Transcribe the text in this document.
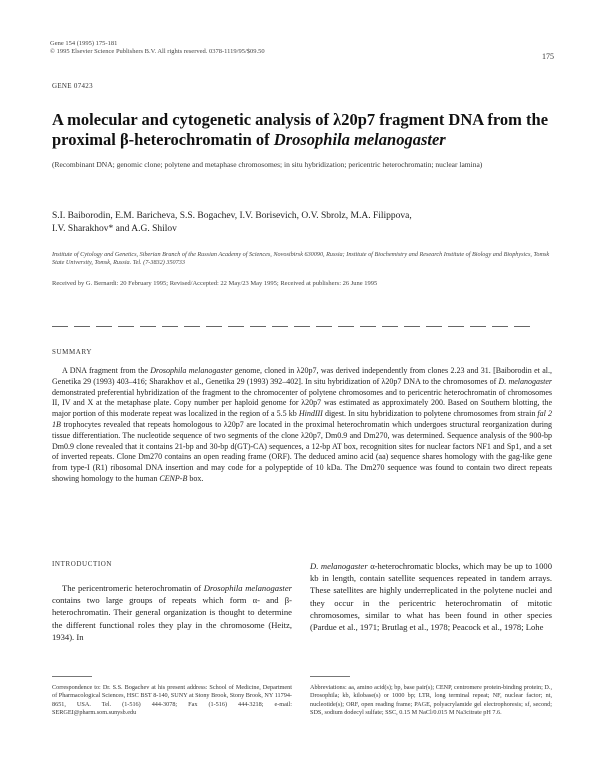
Gene 154 (1995) 175-181
© 1995 Elsevier Science Publishers B.V. All rights reserved. 0378-1119/95/$09.50
175
GENE 07423
A molecular and cytogenetic analysis of λ20p7 fragment DNA from the proximal β-heterochromatin of Drosophila melanogaster
(Recombinant DNA; genomic clone; polytene and metaphase chromosomes; in situ hybridization; pericentric heterochromatin; nuclear lamina)
S.I. Baiborodin, E.M. Baricheva, S.S. Bogachev, I.V. Borisevich, O.V. Sbrolz, M.A. Filippova,
I.V. Sharakhov* and A.G. Shilov
Institute of Cytology and Genetics, Siberian Branch of the Russian Academy of Sciences, Novosibirsk 630090, Russia; Institute of Biochemistry and Research Institute of Biology and Biophysics, Tomsk State University, Tomsk, Russia. Tel. (7-3832) 350733
Received by G. Bernardi: 20 February 1995; Revised/Accepted: 22 May/23 May 1995; Received at publishers: 26 June 1995
SUMMARY
A DNA fragment from the Drosophila melanogaster genome, cloned in λ20p7, was derived independently from clones 2.23 and 31. [Baiborodin et al., Genetika 29 (1993) 403–416; Sharakhov et al., Genetika 29 (1993) 392–402]. In situ hybridization of λ20p7 DNA to the chromosomes of D. melanogaster demonstrated preferential hybridization of the fragment to the chromocenter of polytene chromosomes and to pericentric heterochromatin of chromosomes II, IV and X at the metaphase plate. Copy number per haploid genome for λ20p7 was estimated as approximately 200. Based on Southern blotting, the major portion of this moderate repeat was localized in the region of a 5.5 kb HindIII digest. In situ hybridization to polytene chromosomes from strain fal 2 1B trophocytes revealed that repeats homologous to λ20p7 are located in the proximal heterochromatin which undergoes structural reorganization during tissue differentiation. The nucleotide sequence of two segments of the clone λ20p7, Dm0.9 and Dm270, was determined. Sequence analysis of the 900-bp Dm0.9 clone revealed that it contains 21-bp and 30-bp d(GT)-CA) sequences, a 12-bp AT box, recognition sites for nuclear factors NF1 and Sp1, and a set of inverted repeats. Clone Dm270 contains an open reading frame (ORF). The deduced amino acid (aa) sequence shares homology with the gag-like gene from type-I (R1) ribosomal DNA insertion and may code for a polypeptide of 10 kDa. The Dm270 sequence was found to contain two direct repeats showing homology to the human CENP-B box.
INTRODUCTION
The pericentromeric heterochromatin of Drosophila melanogaster contains two large groups of repeats which form α- and β-heterochromatin. Their general organization is thought to determine the different functional roles they play in the chromosome (Heitz, 1934). In
D. melanogaster α-heterochromatic blocks, which may be up to 1000 kb in length, contain satellite sequences repeated in tandem arrays. These satellites are highly underreplicated in the polytene nuclei and they occur in the pericentric heterochromatin of mitotic chromosomes, similar to what has been found in other species (Pardue et al., 1971; Brutlag et al., 1978; Peacock et al., 1978; Lohe
Correspondence to: Dr. S.S. Bogachev at his present address: School of Medicine, Department of Pharmacological Sciences, HSC BST 8-140, SUNY at Stony Brook, Stony Brook, NY 11794-8651, USA. Tel. (1-516) 444-3078; Fax (1-516) 444-3218; e-mail: SERGEI@pharm.som.sunysb.edu
Abbreviations: aa, amino acid(s); bp, base pair(s); CENP, centromere protein-binding protein; D., Drosophila; kb, kilobase(s) or 1000 bp; LTR, long terminal repeat; NF, nuclear factor; nt, nucleotide(s); ORF, open reading frame; PAGE, polyacrylamide gel electrophoresis; sf, second; SDS, sodium dodecyl sulfate; SSC, 0.15 M NaCl/0.015 M Na3citrate pH 7.6.
